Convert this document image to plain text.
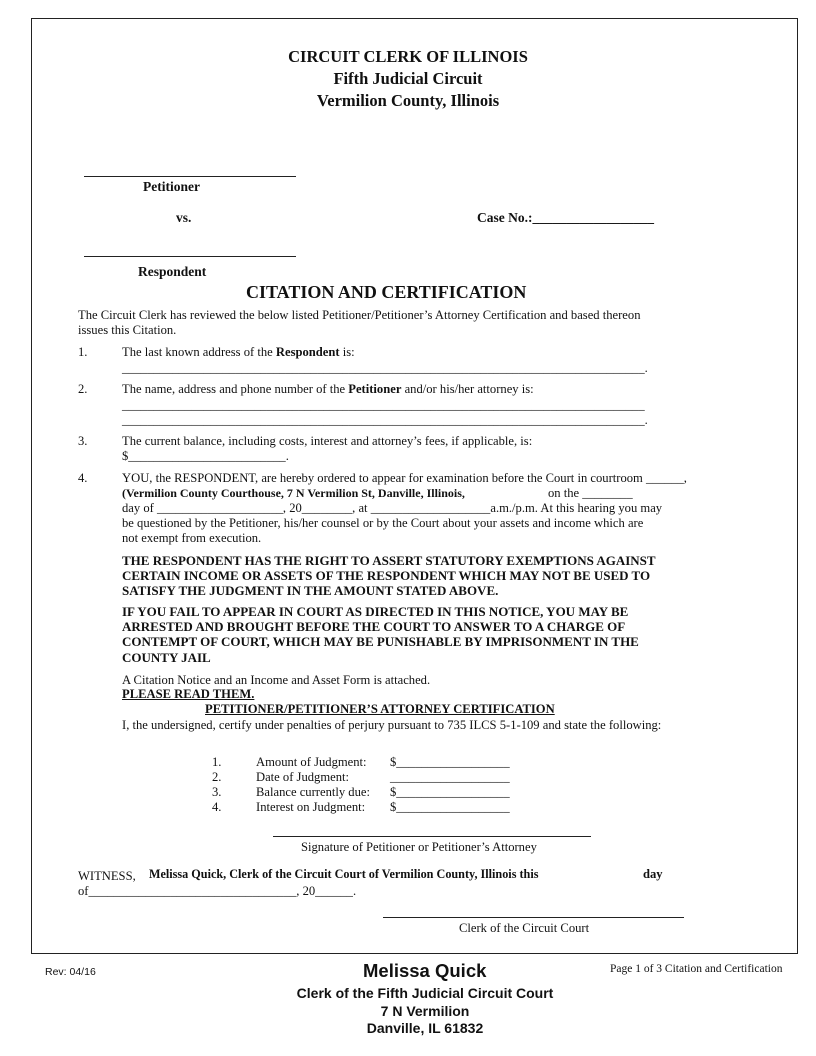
CIRCUIT CLERK OF ILLINOIS
Fifth Judicial Circuit
Vermilion County, Illinois
Petitioner
vs.	Case No.:__________________
Respondent
CITATION AND CERTIFICATION
The Circuit Clerk has reviewed the below listed Petitioner/Petitioner’s Attorney Certification and based thereon
issues this Citation.
1.	The last known address of the Respondent is:
___________________________________________________________________________________.
2.	The name, address and phone number of the Petitioner and/or his/her attorney is:
___________________________________________________________________________________
___________________________________________________________________________________.
3.	The current balance, including costs, interest and attorney’s fees, if applicable, is:
$_________________________.
4.	YOU, the RESPONDENT, are hereby ordered to appear for examination before the Court in courtroom ______,
(Vermilion County Courthouse, 7 N Vermilion St, Danville, Illinois,	on the ________
day of ____________________, 20________, at ___________________a.m./p.m. At this hearing you may
be questioned by the Petitioner, his/her counsel or by the Court about your assets and income which are
not exempt from execution.
THE RESPONDENT HAS THE RIGHT TO ASSERT STATUTORY EXEMPTIONS AGAINST CERTAIN INCOME OR ASSETS OF THE RESPONDENT WHICH MAY NOT BE USED TO SATISFY THE JUDGMENT IN THE AMOUNT STATED ABOVE.
IF YOU FAIL TO APPEAR IN COURT AS DIRECTED IN THIS NOTICE, YOU MAY BE ARRESTED AND BROUGHT BEFORE THE COURT TO ANSWER TO A CHARGE OF CONTEMPT OF COURT, WHICH MAY BE PUNISHABLE BY IMPRISONMENT IN THE COUNTY JAIL
A Citation Notice and an Income and Asset Form is attached.
PLEASE READ THEM.
PETITIONER/PETITIONER’S ATTORNEY CERTIFICATION
I, the undersigned, certify under penalties of perjury pursuant to 735 ILCS 5-1-109 and state the following:
1.	Amount of Judgment: $__________________
2.	Date of Judgment:	___________________
3.	Balance currently due: $__________________
4.	Interest on Judgment: $__________________
Signature of Petitioner or Petitioner’s Attorney
WITNESS, Melissa Quick, Clerk of the Circuit Court of Vermilion County, Illinois this	day
of_________________________________, 20______.
Clerk of the Circuit Court
Rev: 04/16	Melissa Quick	Page 1 of 3 Citation and Certification
Clerk of the Fifth Judicial Circuit Court
7 N Vermilion
Danville, IL 61832
